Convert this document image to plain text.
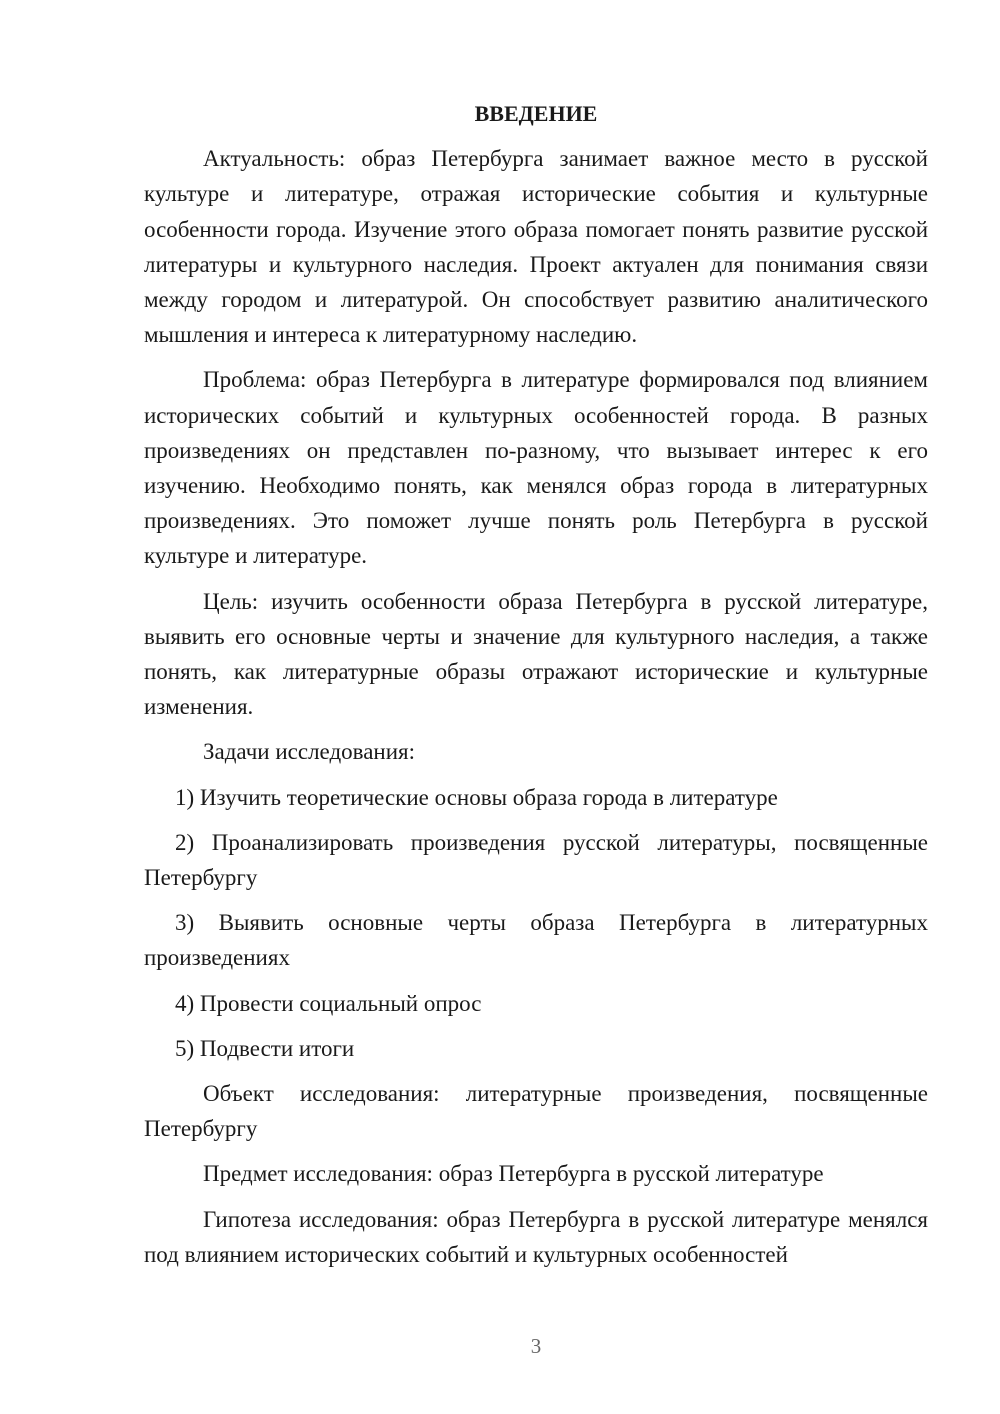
ВВЕДЕНИЕ

Актуальность: образ Петербурга занимает важное место в русской культуре и литературе, отражая исторические события и культурные особенности города. Изучение этого образа помогает понять развитие русской литературы и культурного наследия. Проект актуален для понимания связи между городом и литературой. Он способствует развитию аналитического мышления и интереса к литературному наследию.

Проблема: образ Петербурга в литературе формировался под влиянием исторических событий и культурных особенностей города. В разных произведениях он представлен по-разному, что вызывает интерес к его изучению. Необходимо понять, как менялся образ города в литературных произведениях. Это поможет лучше понять роль Петербурга в русской культуре и литературе.

Цель: изучить особенности образа Петербурга в русской литературе, выявить его основные черты и значение для культурного наследия, а также понять, как литературные образы отражают исторические и культурные изменения.

Задачи исследования:

1) Изучить теоретические основы образа города в литературе

2) Проанализировать произведения русской литературы, посвященные Петербургу

3) Выявить основные черты образа Петербурга в литературных произведениях

4) Провести социальный опрос

5) Подвести итоги

Объект исследования: литературные произведения, посвященные Петербургу

Предмет исследования: образ Петербурга в русской литературе

Гипотеза исследования: образ Петербурга в русской литературе менялся под влиянием исторических событий и культурных особенностей

3
